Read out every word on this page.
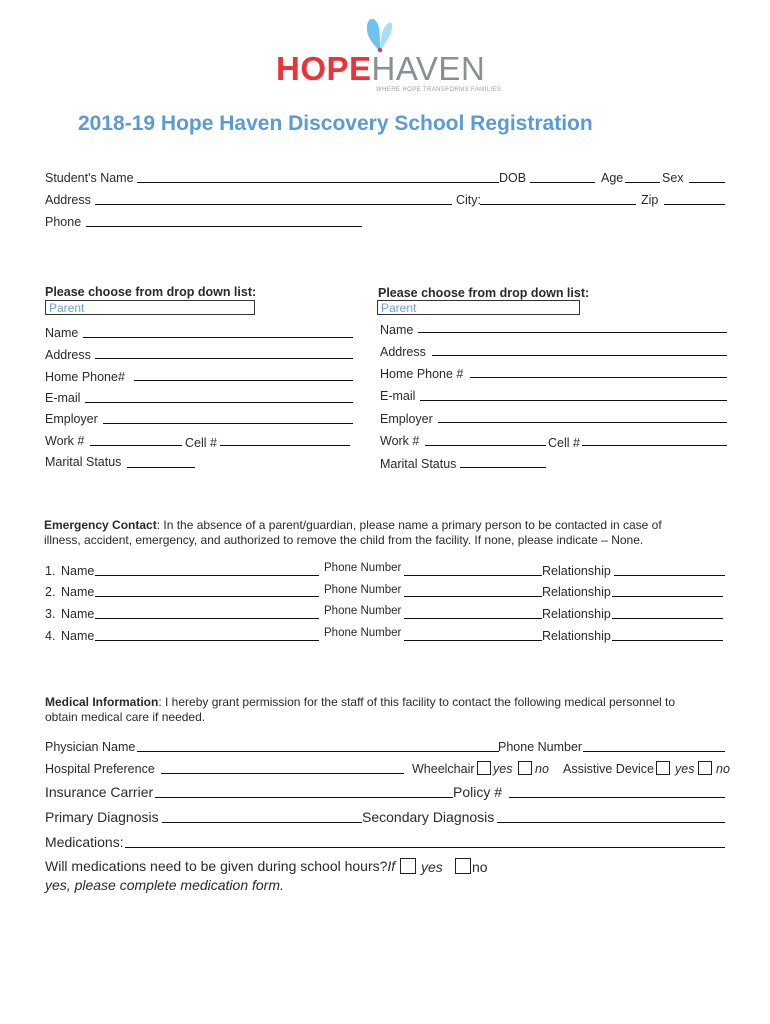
HOPEHAVEN
WHERE HOPE TRANSFORMS FAMILIES
2018-19 Hope Haven Discovery School Registration
Student's Name	DOB	Age	Sex
Address	City:	Zip
Phone
Please choose from drop down list:
Parent
Name
Address
Home Phone#
E-mail
Employer
Work #	Cell #
Marital Status
Please choose from drop down list:
Parent
Name
Address
Home Phone #
E-mail
Employer
Work #	Cell #
Marital Status
Emergency Contact: In the absence of a parent/guardian, please name a primary person to be contacted in case of
illness, accident, emergency, and authorized to remove the child from the facility. If none, please indicate – None.
1. Name	Phone Number	Relationship
2. Name	Phone Number	Relationship
3. Name	Phone Number	Relationship
4. Name	Phone Number	Relationship
Medical Information: I hereby grant permission for the staff of this facility to contact the following medical personnel to
obtain medical care if needed.
Physician Name	Phone Number
Hospital Preference	Wheelchair yes no Assistive Device yes no
Insurance Carrier	Policy #
Primary Diagnosis	Secondary Diagnosis
Medications:
Will medications need to be given during school hours?If yes no
yes, please complete medication form.
